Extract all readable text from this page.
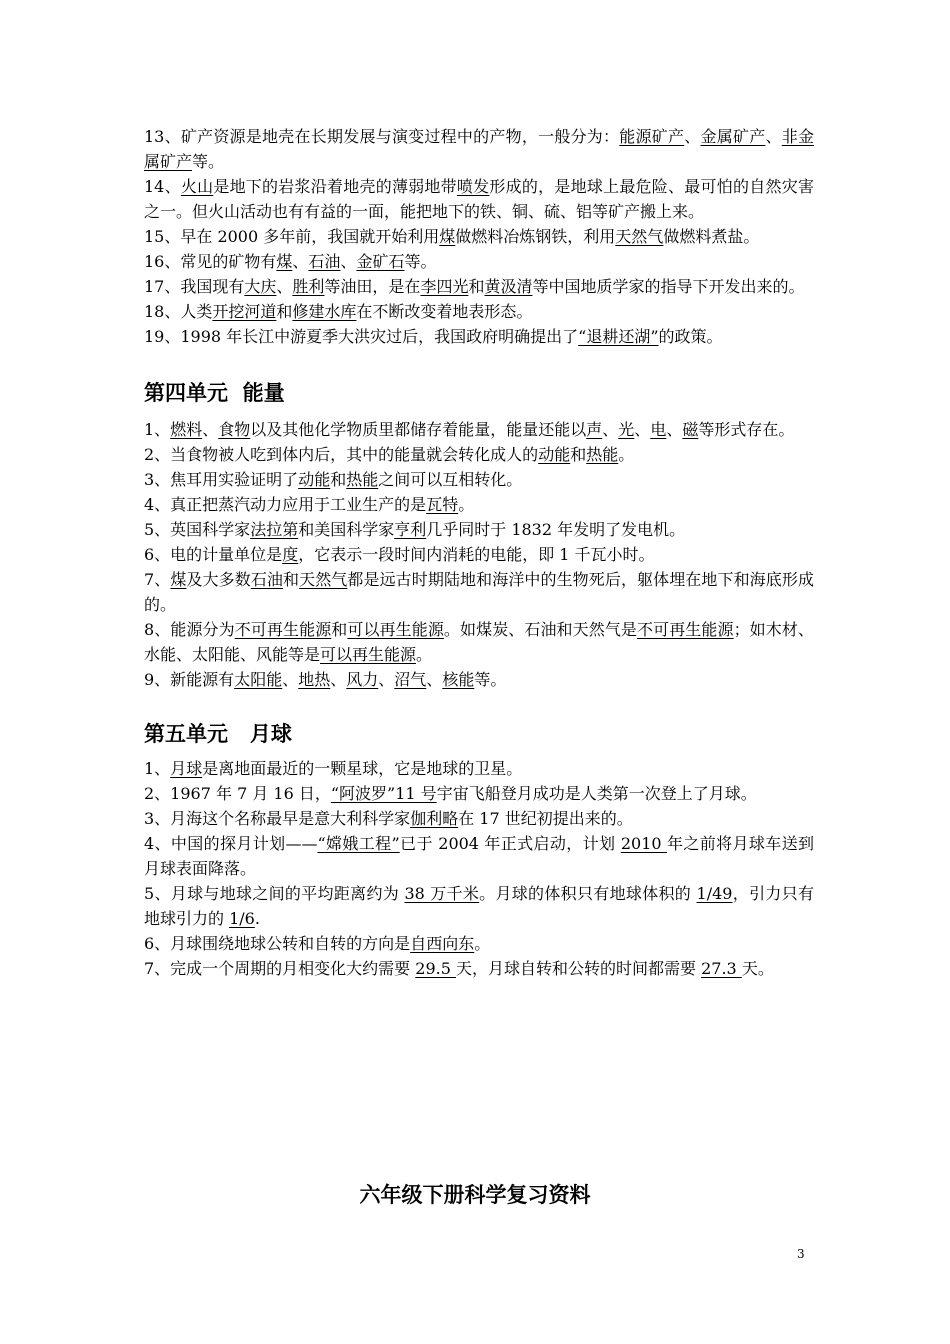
13、矿产资源是地壳在长期发展与演变过程中的产物，一般分为：能源矿产、金属矿产、非金属矿产等。

14、火山是地下的岩浆沿着地壳的薄弱地带喷发形成的，是地球上最危险、最可怕的自然灾害之一。但火山活动也有有益的一面，能把地下的铁、铜、硫、铝等矿产搬上来。

15、早在 2000 多年前，我国就开始利用煤做燃料冶炼钢铁，利用天然气做燃料煮盐。

16、常见的矿物有煤、石油、金矿石等。

17、我国现有大庆、胜利等油田，是在李四光和黄汲清等中国地质学家的指导下开发出来的。

18、人类开挖河道和修建水库在不断改变着地表形态。

19、1998 年长江中游夏季大洪灾过后，我国政府明确提出了“退耕还湖”的政策。

第四单元  能量

1、燃料、食物以及其他化学物质里都储存着能量，能量还能以声、光、电、磁等形式存在。

2、当食物被人吃到体内后，其中的能量就会转化成人的动能和热能。

3、焦耳用实验证明了动能和热能之间可以互相转化。

4、真正把蒸汽动力应用于工业生产的是瓦特。

5、英国科学家法拉第和美国科学家亨利几乎同时于 1832 年发明了发电机。

6、电的计量单位是度，它表示一段时间内消耗的电能，即 1 千瓦小时。

7、煤及大多数石油和天然气都是远古时期陆地和海洋中的生物死后，躯体埋在地下和海底形成的。

8、能源分为不可再生能源和可以再生能源。如煤炭、石油和天然气是不可再生能源；如木材、水能、太阳能、风能等是可以再生能源。

9、新能源有太阳能、地热、风力、沼气、核能等。

第五单元   月球

1、月球是离地面最近的一颗星球，它是地球的卫星。

2、1967 年 7 月 16 日，“阿波罗”11 号宇宙飞船登月成功是人类第一次登上了月球。

3、月海这个名称最早是意大利科学家伽利略在 17 世纪初提出来的。

4、中国的探月计划——“嫦娥工程”已于 2004 年正式启动，计划 2010 年之前将月球车送到月球表面降落。

5、月球与地球之间的平均距离约为 38 万千米。月球的体积只有地球体积的 1/49，引力只有地球引力的 1/6.

6、月球围绕地球公转和自转的方向是自西向东。

7、完成一个周期的月相变化大约需要 29.5 天，月球自转和公转的时间都需要 27.3 天。

六年级下册科学复习资料
3
